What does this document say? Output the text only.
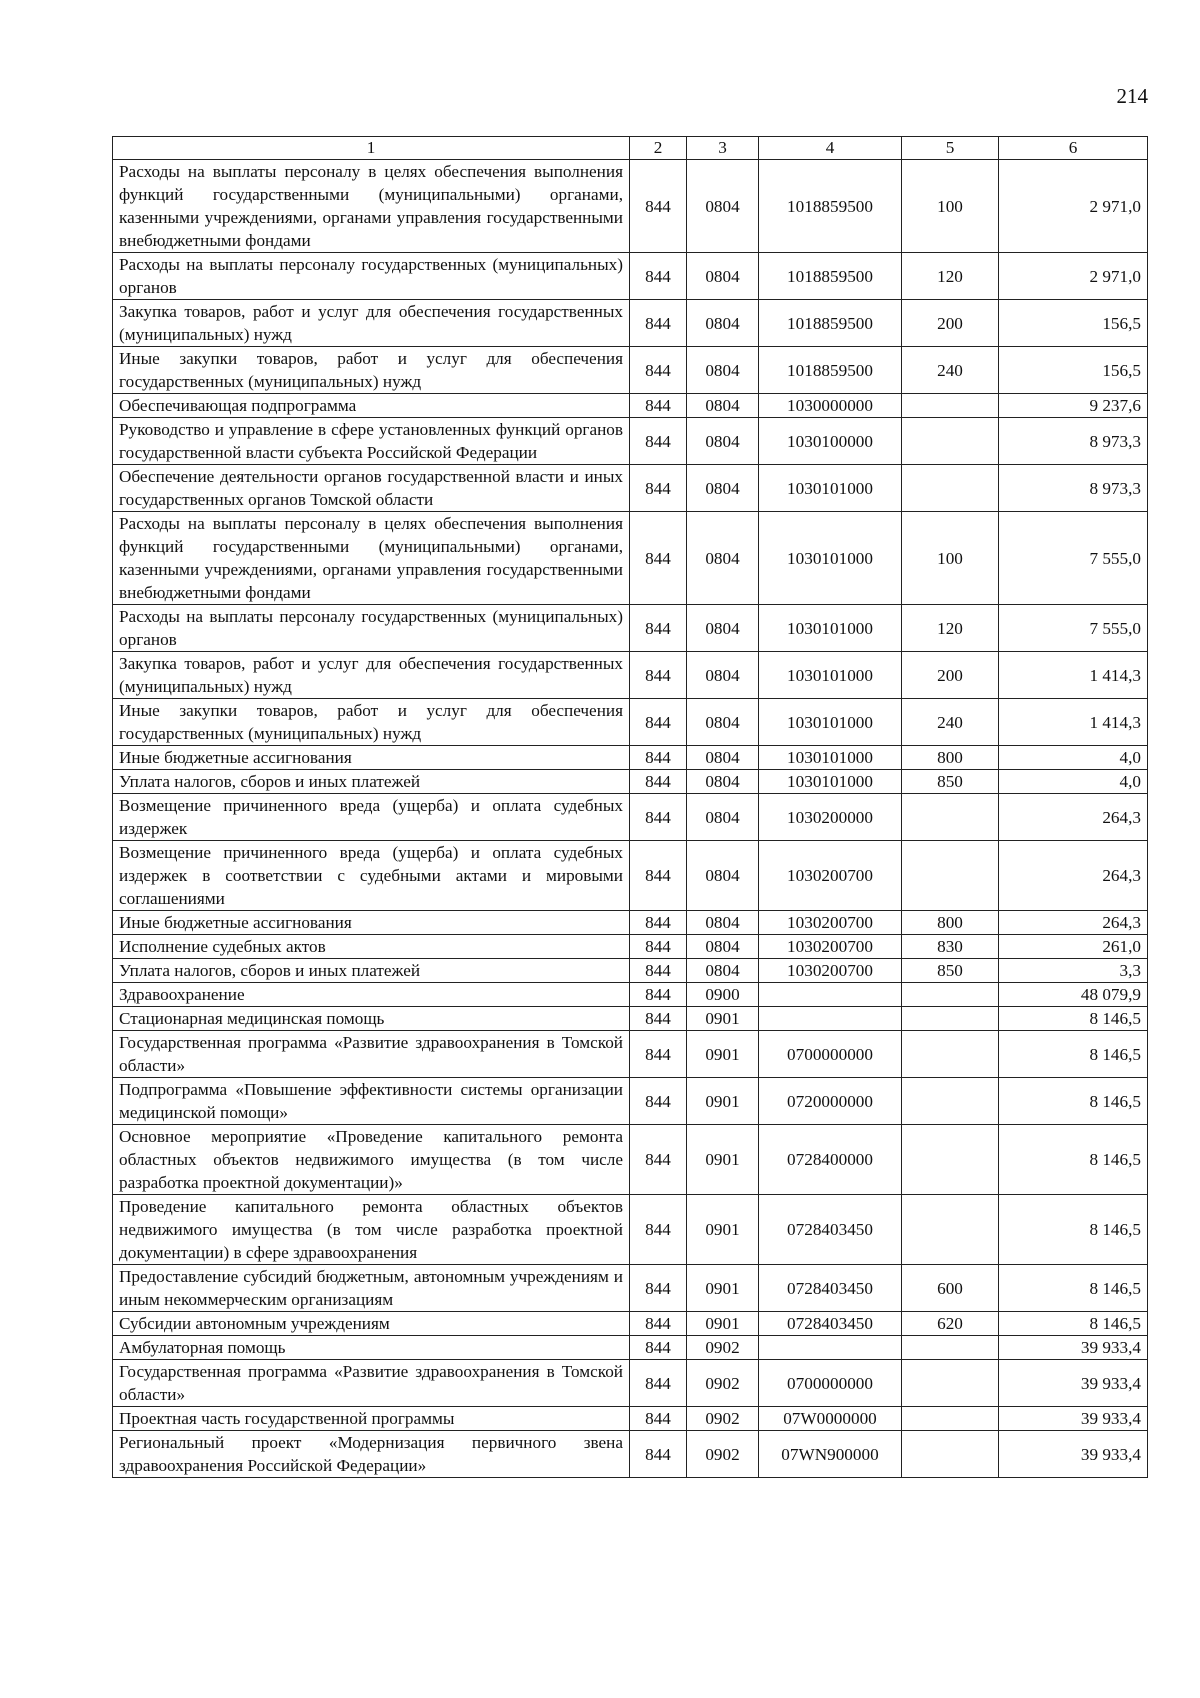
214
1	2	3	4	5	6
Расходы на выплаты персоналу в целях обеспечения выполнения функций государственными (муниципальными) органами, казенными учреждениями, органами управления государственными внебюджетными фондами	844	0804	1018859500	100	2 971,0
Расходы на выплаты персоналу государственных (муниципальных) органов	844	0804	1018859500	120	2 971,0
Закупка товаров, работ и услуг для обеспечения государственных (муниципальных) нужд	844	0804	1018859500	200	156,5
Иные закупки товаров, работ и услуг для обеспечения государственных (муниципальных) нужд	844	0804	1018859500	240	156,5
Обеспечивающая подпрограмма	844	0804	1030000000		9 237,6
Руководство и управление в сфере установленных функций органов государственной власти субъекта Российской Федерации	844	0804	1030100000		8 973,3
Обеспечение деятельности органов государственной власти и иных государственных органов Томской области	844	0804	1030101000		8 973,3
Расходы на выплаты персоналу в целях обеспечения выполнения функций государственными (муниципальными) органами, казенными учреждениями, органами управления государственными внебюджетными фондами	844	0804	1030101000	100	7 555,0
Расходы на выплаты персоналу государственных (муниципальных) органов	844	0804	1030101000	120	7 555,0
Закупка товаров, работ и услуг для обеспечения государственных (муниципальных) нужд	844	0804	1030101000	200	1 414,3
Иные закупки товаров, работ и услуг для обеспечения государственных (муниципальных) нужд	844	0804	1030101000	240	1 414,3
Иные бюджетные ассигнования	844	0804	1030101000	800	4,0
Уплата налогов, сборов и иных платежей	844	0804	1030101000	850	4,0
Возмещение причиненного вреда (ущерба) и оплата судебных издержек	844	0804	1030200000		264,3
Возмещение причиненного вреда (ущерба) и оплата судебных издержек в соответствии с судебными актами и мировыми соглашениями	844	0804	1030200700		264,3
Иные бюджетные ассигнования	844	0804	1030200700	800	264,3
Исполнение судебных актов	844	0804	1030200700	830	261,0
Уплата налогов, сборов и иных платежей	844	0804	1030200700	850	3,3
Здравоохранение	844	0900			48 079,9
Стационарная медицинская помощь	844	0901			8 146,5
Государственная программа «Развитие здравоохранения в Томской области»	844	0901	0700000000		8 146,5
Подпрограмма «Повышение эффективности системы организации медицинской помощи»	844	0901	0720000000		8 146,5
Основное мероприятие «Проведение капитального ремонта областных объектов недвижимого имущества (в том числе разработка проектной документации)»	844	0901	0728400000		8 146,5
Проведение капитального ремонта областных объектов недвижимого имущества (в том числе разработка проектной документации) в сфере здравоохранения	844	0901	0728403450		8 146,5
Предоставление субсидий бюджетным, автономным учреждениям и иным некоммерческим организациям	844	0901	0728403450	600	8 146,5
Субсидии автономным учреждениям	844	0901	0728403450	620	8 146,5
Амбулаторная помощь	844	0902			39 933,4
Государственная программа «Развитие здравоохранения в Томской области»	844	0902	0700000000		39 933,4
Проектная часть государственной программы	844	0902	07W0000000		39 933,4
Региональный проект «Модернизация первичного звена здравоохранения Российской Федерации»	844	0902	07WN900000		39 933,4
